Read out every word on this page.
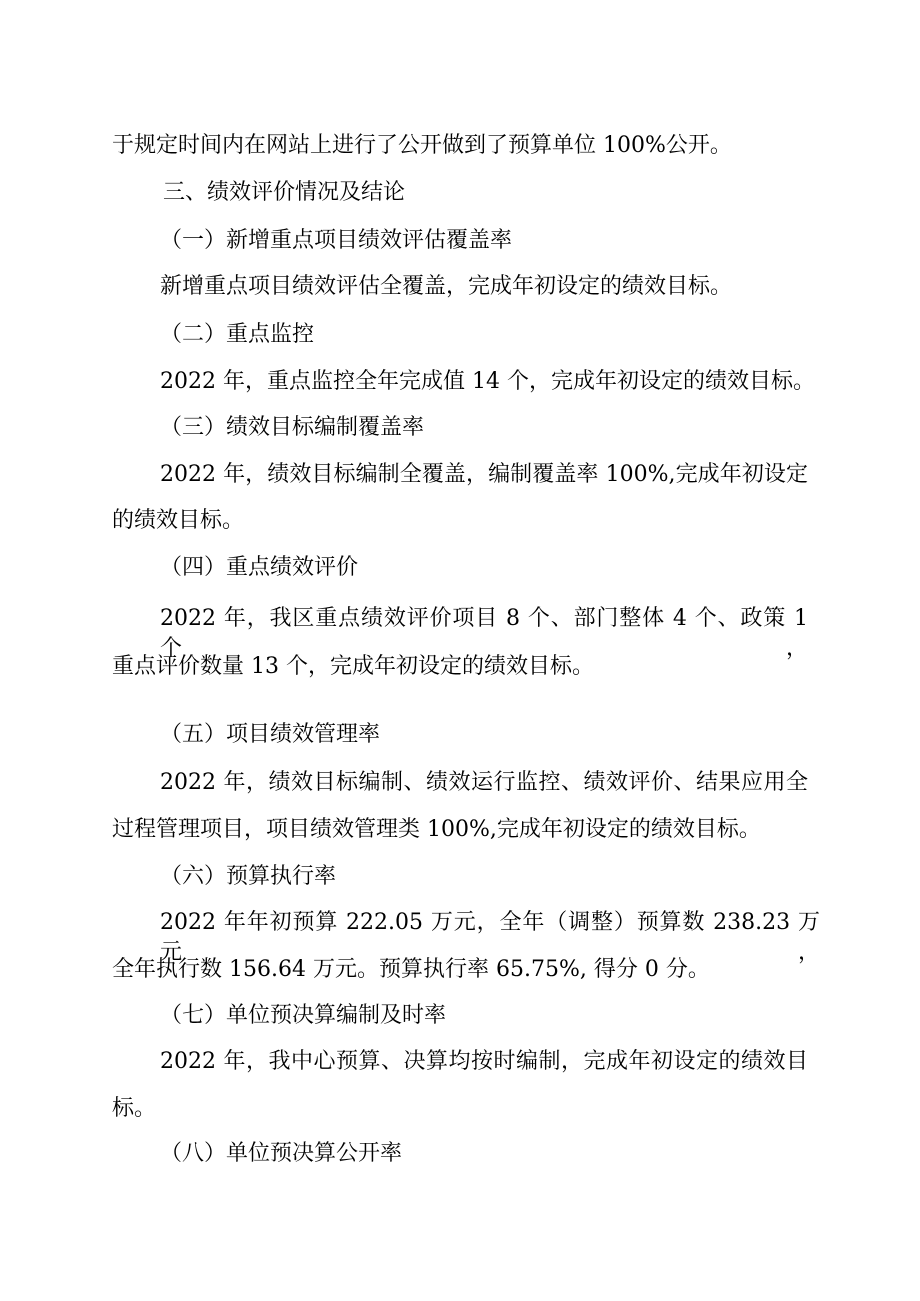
于规定时间内在网站上进行了公开做到了预算单位 100%公开。
三、绩效评价情况及结论
（一）新增重点项目绩效评估覆盖率
新增重点项目绩效评估全覆盖，完成年初设定的绩效目标。
（二）重点监控
2022 年，重点监控全年完成值 14 个，完成年初设定的绩效目标。
（三）绩效目标编制覆盖率
2022 年，绩效目标编制全覆盖，编制覆盖率 100%,完成年初设定
的绩效目标。
（四）重点绩效评价
2022 年，我区重点绩效评价项目 8 个、部门整体 4 个、政策 1 个，
重点评价数量 13 个，完成年初设定的绩效目标。
（五）项目绩效管理率
2022 年，绩效目标编制、绩效运行监控、绩效评价、结果应用全
过程管理项目，项目绩效管理类 100%,完成年初设定的绩效目标。
（六）预算执行率
2022 年年初预算 222.05 万元，全年（调整）预算数 238.23 万元，
全年执行数 156.64 万元。预算执行率 65.75%, 得分 0 分。
（七）单位预决算编制及时率
2022 年，我中心预算、决算均按时编制，完成年初设定的绩效目
标。
（八）单位预决算公开率
